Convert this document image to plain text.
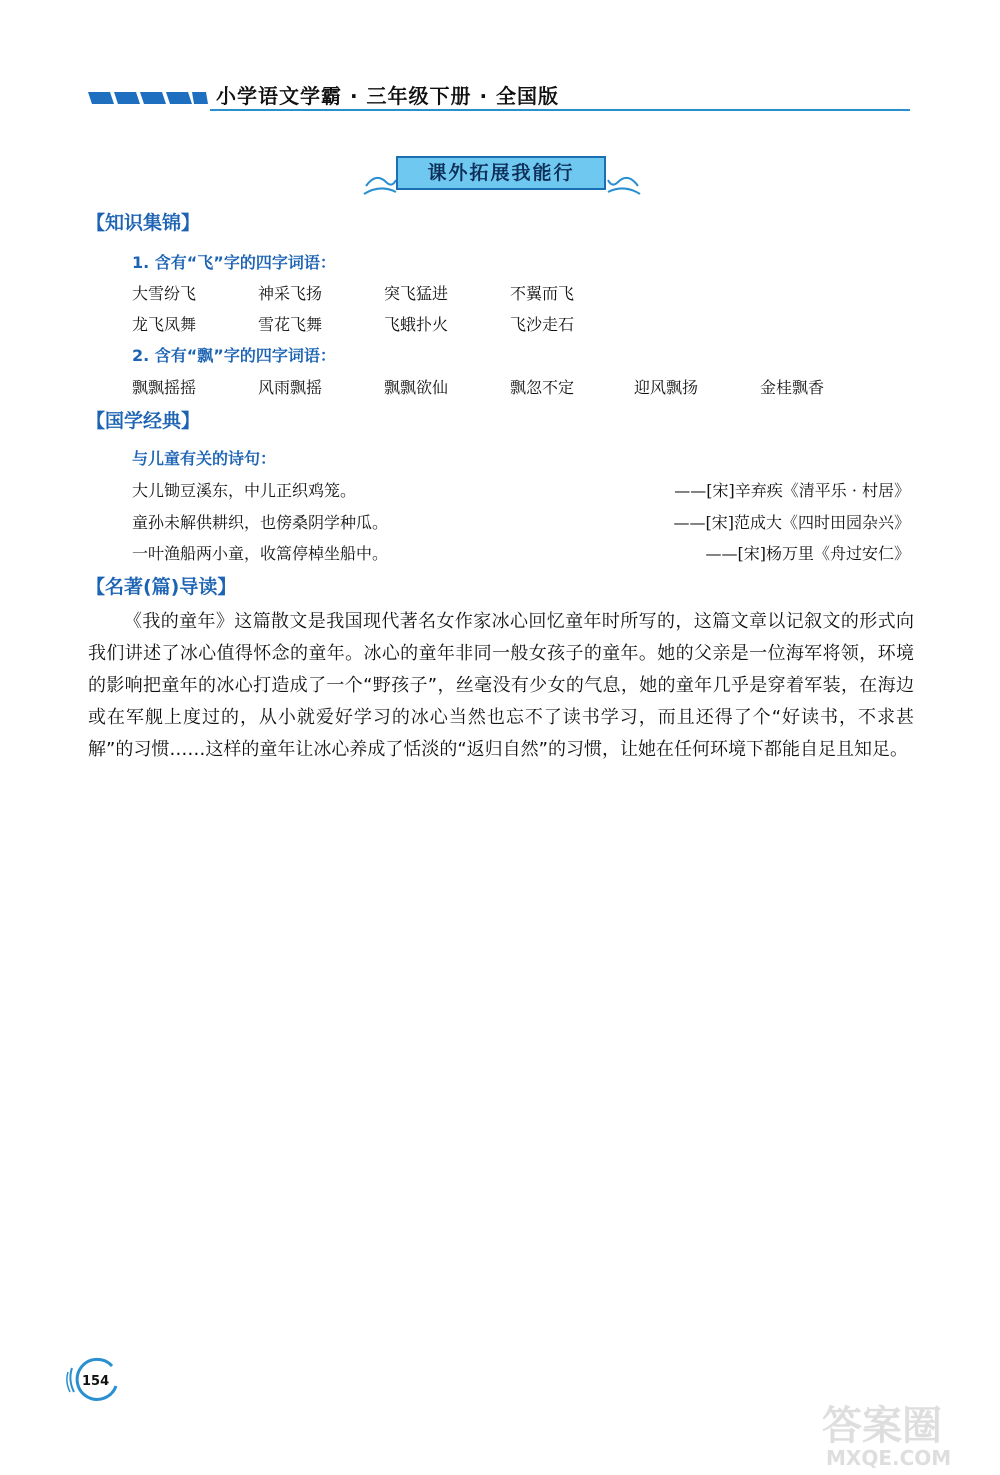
小学语文学霸 · 三年级下册 · 全国版
课外拓展我能行
【知识集锦】
1. 含有“飞”字的四字词语：
大雪纷飞	神采飞扬	突飞猛进	不翼而飞
龙飞凤舞	雪花飞舞	飞蛾扑火	飞沙走石
2. 含有“飘”字的四字词语：
飘飘摇摇	风雨飘摇	飘飘欲仙	飘忽不定	迎风飘扬	金桂飘香
【国学经典】
与儿童有关的诗句：
大儿锄豆溪东，中儿正织鸡笼。	——[宋]辛弃疾《清平乐 · 村居》
童孙未解供耕织，也傍桑阴学种瓜。	——[宋]范成大《四时田园杂兴》
一叶渔船两小童，收篙停棹坐船中。	——[宋]杨万里《舟过安仁》
【名著(篇)导读】

《我的童年》这篇散文是我国现代著名女作家冰心回忆童年时所写的，这篇文章以记叙文的形式向我们讲述了冰心值得怀念的童年。冰心的童年非同一般女孩子的童年。她的父亲是一位海军将领，环境的影响把童年的冰心打造成了一个“野孩子”，丝毫没有少女的气息，她的童年几乎是穿着军装，在海边或在军舰上度过的，从小就爱好学习的冰心当然也忘不了读书学习，而且还得了个“好读书，不求甚解”的习惯……这样的童年让冰心养成了恬淡的“返归自然”的习惯，让她在任何环境下都能自足且知足。

154
答案圈
MXQE.COM
